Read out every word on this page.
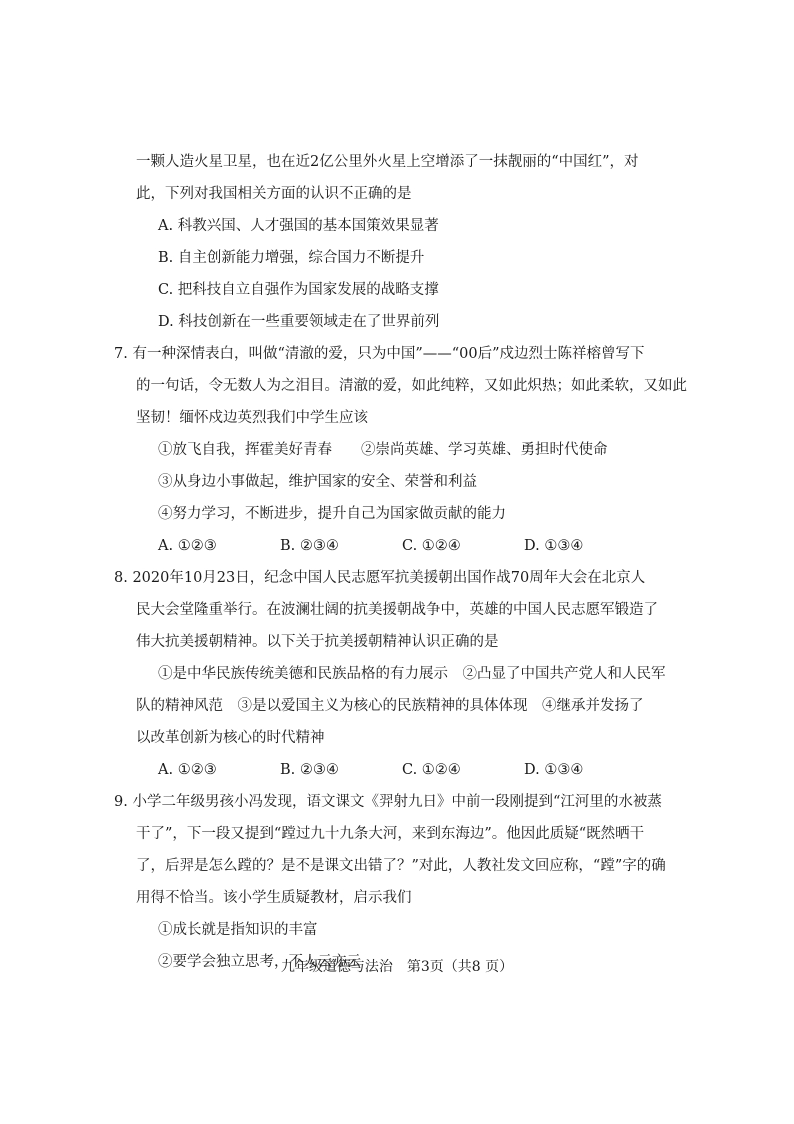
一颗人造火星卫星，也在近2亿公里外火星上空增添了一抹靓丽的“中国红”，对
此，下列对我国相关方面的认识不正确的是
A. 科教兴国、人才强国的基本国策效果显著
B. 自主创新能力增强，综合国力不断提升
C. 把科技自立自强作为国家发展的战略支撑
D. 科技创新在一些重要领域走在了世界前列
7. 有一种深情表白，叫做“清澈的爱，只为中国”——“00后”戍边烈士陈祥榕曾写下
的一句话，令无数人为之泪目。清澈的爱，如此纯粹，又如此炽热；如此柔软，又如此
坚韧！缅怀戍边英烈我们中学生应该
①放飞自我，挥霍美好青春　　②崇尚英雄、学习英雄、勇担时代使命
③从身边小事做起，维护国家的安全、荣誉和利益
④努力学习，不断进步，提升自己为国家做贡献的能力
A. ①②③	B. ②③④	C. ①②④	D. ①③④
8. 2020年10月23日，纪念中国人民志愿军抗美援朝出国作战70周年大会在北京人
民大会堂隆重举行。在波澜壮阔的抗美援朝战争中，英雄的中国人民志愿军锻造了
伟大抗美援朝精神。以下关于抗美援朝精神认识正确的是
①是中华民族传统美德和民族品格的有力展示　②凸显了中国共产党人和人民军
队的精神风范　③是以爱国主义为核心的民族精神的具体体现　④继承并发扬了
以改革创新为核心的时代精神
A. ①②③	B. ②③④	C. ①②④	D. ①③④
9. 小学二年级男孩小冯发现，语文课文《羿射九日》中前一段刚提到“江河里的水被蒸
干了”，下一段又提到“蹚过九十九条大河，来到东海边”。他因此质疑“既然晒干
了，后羿是怎么蹚的？是不是课文出错了？”对此，人教社发文回应称，“蹚”字的确
用得不恰当。该小学生质疑教材，启示我们
①成长就是指知识的丰富
②要学会独立思考，不人云亦云
九年级道德与法治　第3页（共8 页）
